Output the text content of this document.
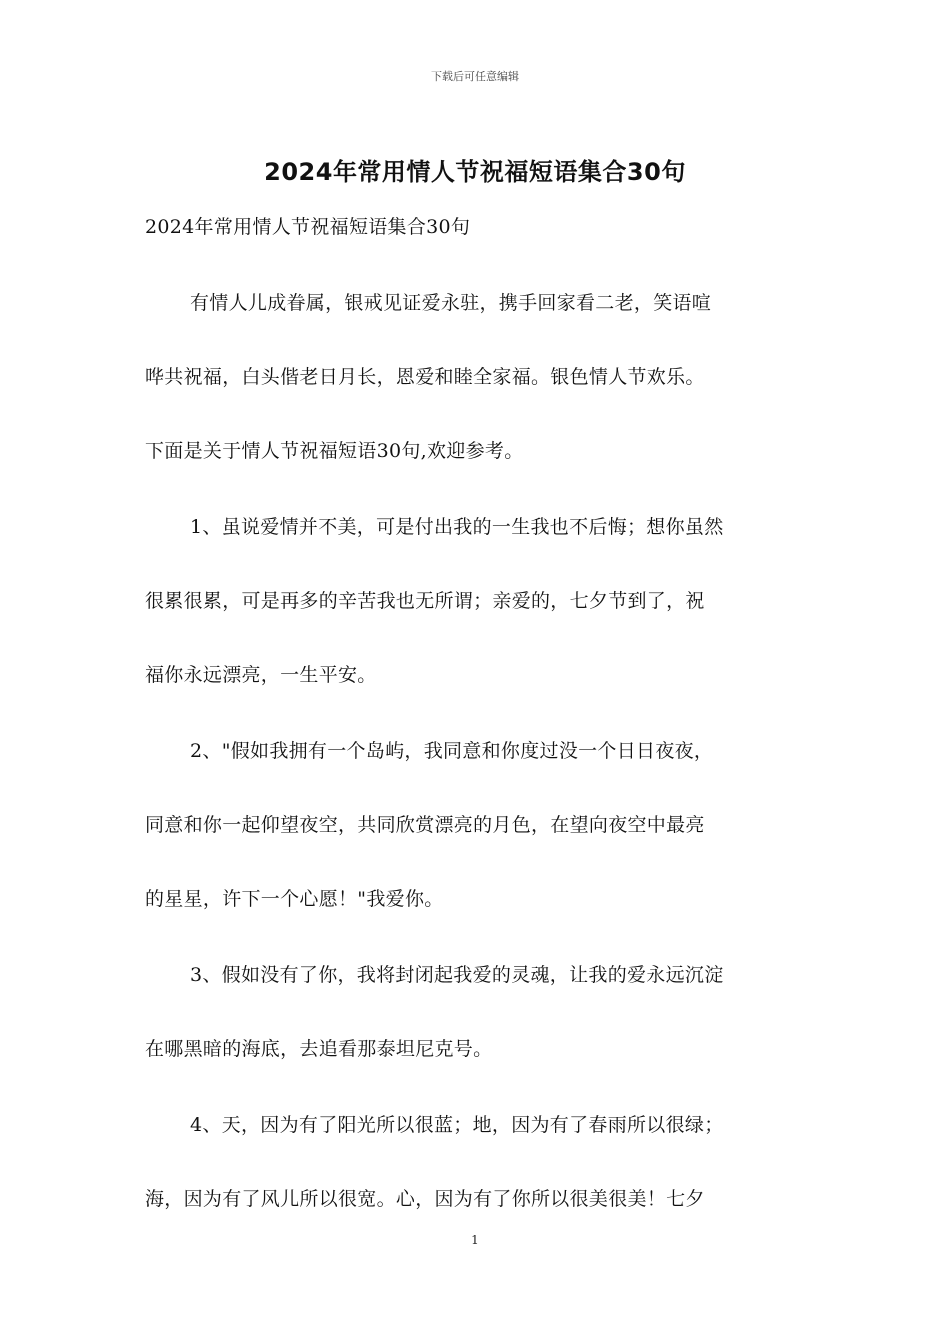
下载后可任意编辑
2024年常用情人节祝福短语集合30句
2024年常用情人节祝福短语集合30句
有情人儿成眷属，银戒见证爱永驻，携手回家看二老，笑语喧
哗共祝福，白头偕老日月长，恩爱和睦全家福。银色情人节欢乐。
下面是关于情人节祝福短语30句,欢迎参考。
1、虽说爱情并不美，可是付出我的一生我也不后悔；想你虽然
很累很累，可是再多的辛苦我也无所谓；亲爱的，七夕节到了，祝
福你永远漂亮，一生平安。
2、"假如我拥有一个岛屿，我同意和你度过没一个日日夜夜，
同意和你一起仰望夜空，共同欣赏漂亮的月色，在望向夜空中最亮
的星星，许下一个心愿！"我爱你。
3、假如没有了你，我将封闭起我爱的灵魂，让我的爱永远沉淀
在哪黑暗的海底，去追看那泰坦尼克号。
4、天，因为有了阳光所以很蓝；地，因为有了春雨所以很绿；
海，因为有了风儿所以很宽。心，因为有了你所以很美很美！七夕
1
